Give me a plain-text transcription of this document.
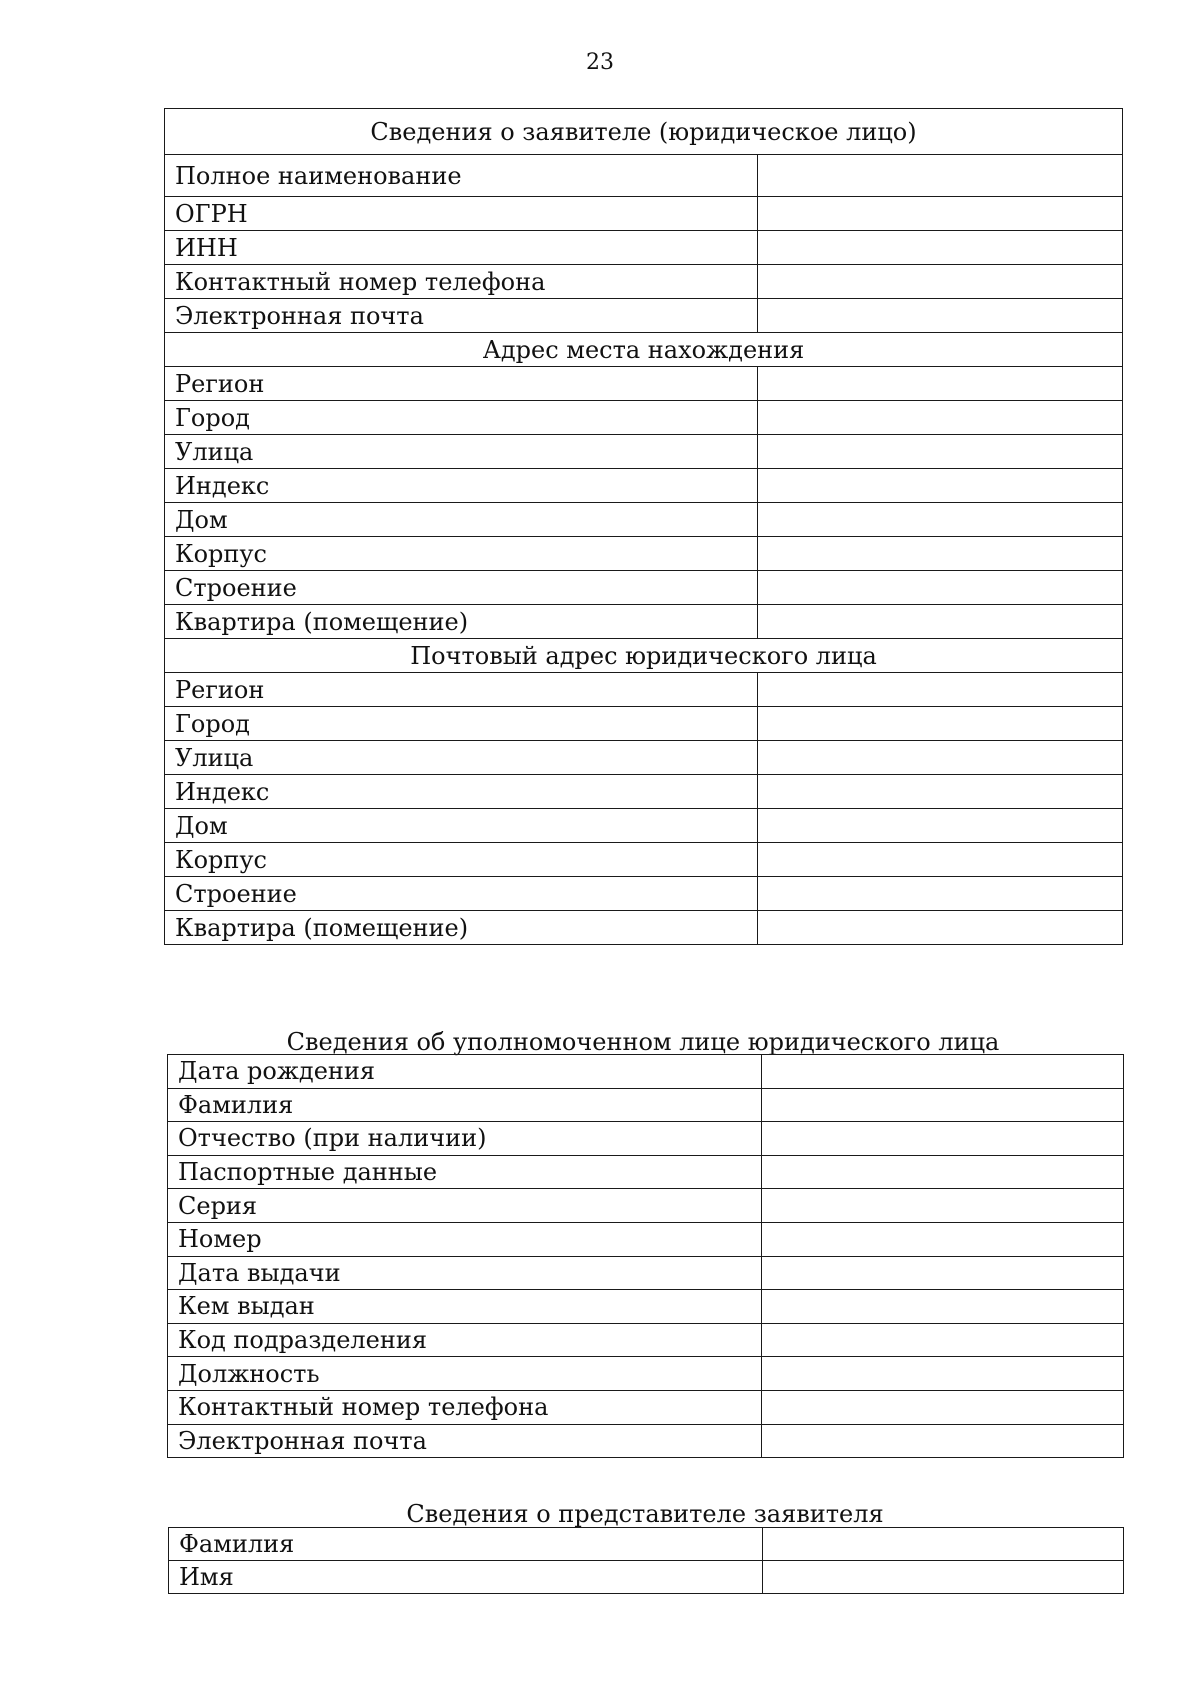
23
Сведения о заявителе (юридическое лицо)	
Полное наименование	
ОГРН	
ИНН	
Контактный номер телефона	
Электронная почта	
Адрес места нахождения	
Регион	
Город	
Улица	
Индекс	
Дом	
Корпус	
Строение	
Квартира (помещение)	
Почтовый адрес юридического лица	
Регион	
Город	
Улица	
Индекс	
Дом	
Корпус	
Строение	
Квартира (помещение)	
Сведения об уполномоченном лице юридического лица
Дата рождения	
Фамилия	
Отчество (при наличии)	
Паспортные данные	
Серия	
Номер	
Дата выдачи	
Кем выдан	
Код подразделения	
Должность	
Контактный номер телефона	
Электронная почта	
Сведения о представителе заявителя
Фамилия	
Имя	
